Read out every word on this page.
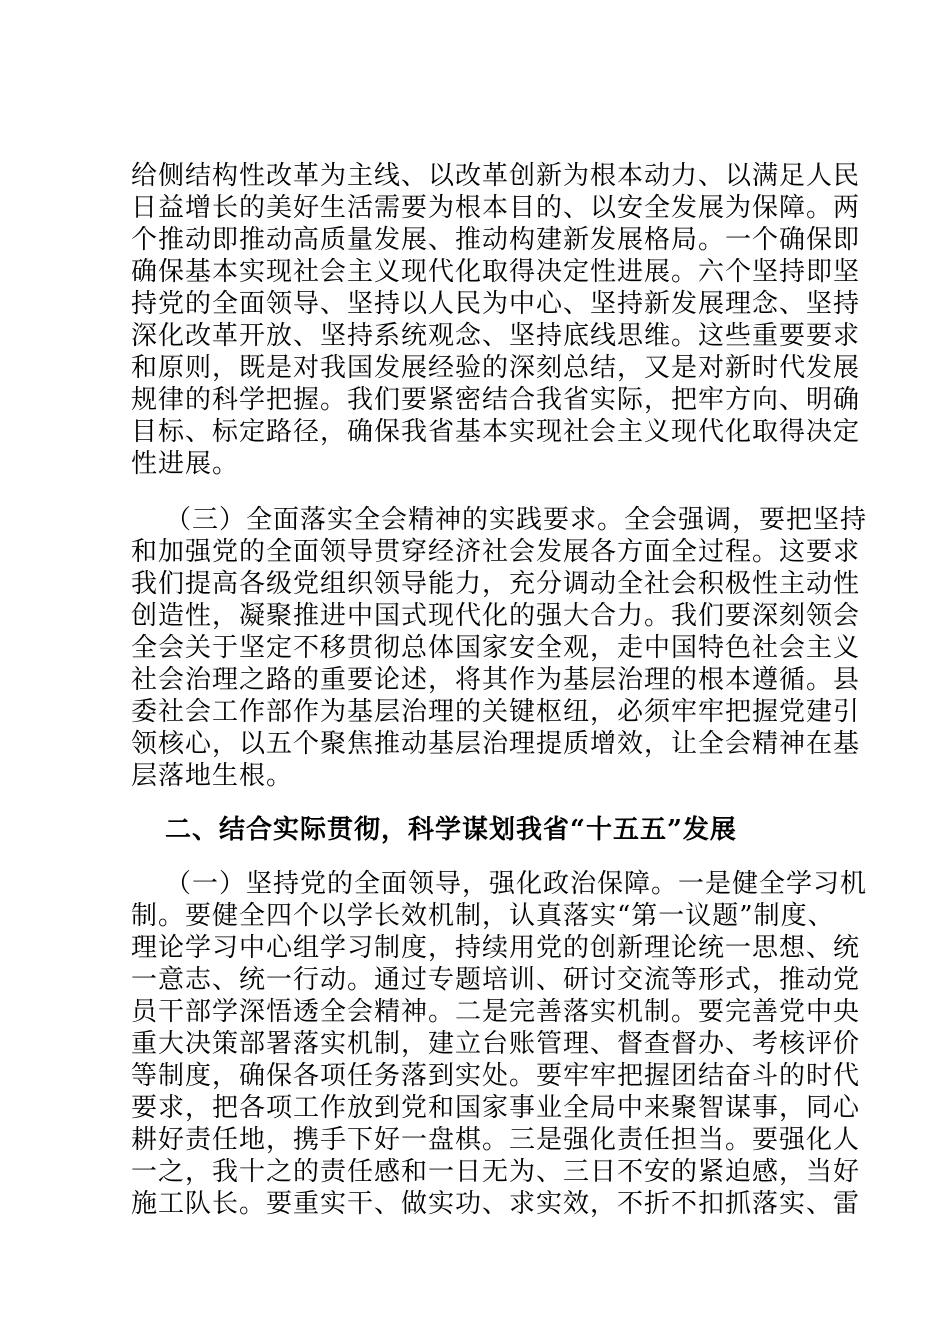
给侧结构性改革为主线、以改革创新为根本动力、以满足人民
日益增长的美好生活需要为根本目的、以安全发展为保障。两
个推动即推动高质量发展、推动构建新发展格局。一个确保即
确保基本实现社会主义现代化取得决定性进展。六个坚持即坚
持党的全面领导、坚持以人民为中心、坚持新发展理念、坚持
深化改革开放、坚持系统观念、坚持底线思维。这些重要要求
和原则，既是对我国发展经验的深刻总结，又是对新时代发展
规律的科学把握。我们要紧密结合我省实际，把牢方向、明确
目标、标定路径，确保我省基本实现社会主义现代化取得决定
性进展。
（三）全面落实全会精神的实践要求。全会强调，要把坚持
和加强党的全面领导贯穿经济社会发展各方面全过程。这要求
我们提高各级党组织领导能力，充分调动全社会积极性主动性
创造性，凝聚推进中国式现代化的强大合力。我们要深刻领会
全会关于坚定不移贯彻总体国家安全观，走中国特色社会主义
社会治理之路的重要论述，将其作为基层治理的根本遵循。县
委社会工作部作为基层治理的关键枢纽，必须牢牢把握党建引
领核心，以五个聚焦推动基层治理提质增效，让全会精神在基
层落地生根。
二、结合实际贯彻，科学谋划我省“十五五”发展
（一）坚持党的全面领导，强化政治保障。一是健全学习机
制。要健全四个以学长效机制，认真落实“第一议题”制度、
理论学习中心组学习制度，持续用党的创新理论统一思想、统
一意志、统一行动。通过专题培训、研讨交流等形式，推动党
员干部学深悟透全会精神。二是完善落实机制。要完善党中央
重大决策部署落实机制，建立台账管理、督查督办、考核评价
等制度，确保各项任务落到实处。要牢牢把握团结奋斗的时代
要求，把各项工作放到党和国家事业全局中来聚智谋事，同心
耕好责任地，携手下好一盘棋。三是强化责任担当。要强化人
一之，我十之的责任感和一日无为、三日不安的紧迫感，当好
施工队长。要重实干、做实功、求实效，不折不扣抓落实、雷
